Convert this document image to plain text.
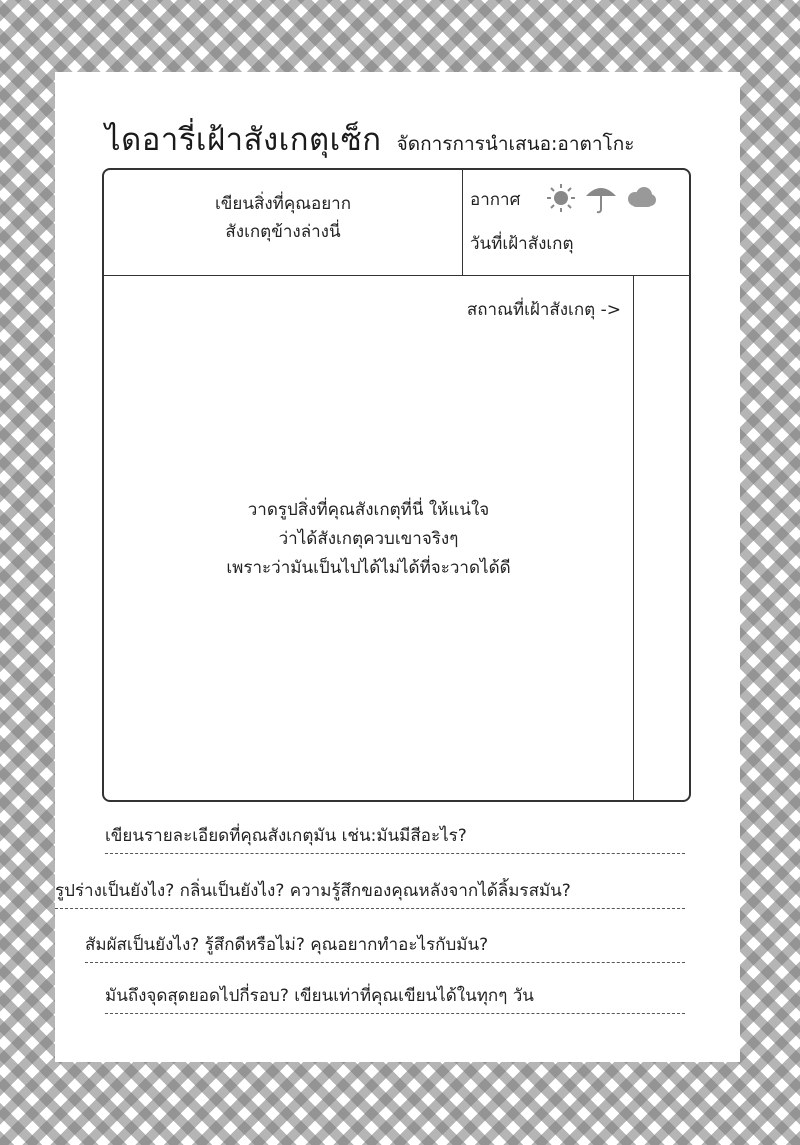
ไดอารี่เฝ้าสังเกตุเซ็ก จัดการการนำเสนอ:อาตาโกะ
เขียนสิ่งที่คุณอยาก
สังเกตุข้างล่างนี่
อากาศ
วันที่เฝ้าสังเกตุ
สถาณที่เฝ้าสังเกตุ ->
วาดรูปสิ่งที่คุณสังเกตุที่นี่ ให้แน่ใจ
ว่าได้สังเกตุควบเขาจริงๆ
เพราะว่ามันเป็นไปได้ไม่ได้ที่จะวาดได้ดี
เขียนรายละเอียดที่คุณสังเกตุมัน เช่น:มันมีสีอะไร?
รูปร่างเป็นยังไง? กลิ่นเป็นยังไง? ความรู้สึกของคุณหลังจากได้ลิ้มรสมัน?
สัมผัสเป็นยังไง? รู้สึกดีหรือไม่? คุณอยากทำอะไรกับมัน?
มันถึงจุดสุดยอดไปกี่รอบ? เขียนเท่าที่คุณเขียนได้ในทุกๆ วัน
